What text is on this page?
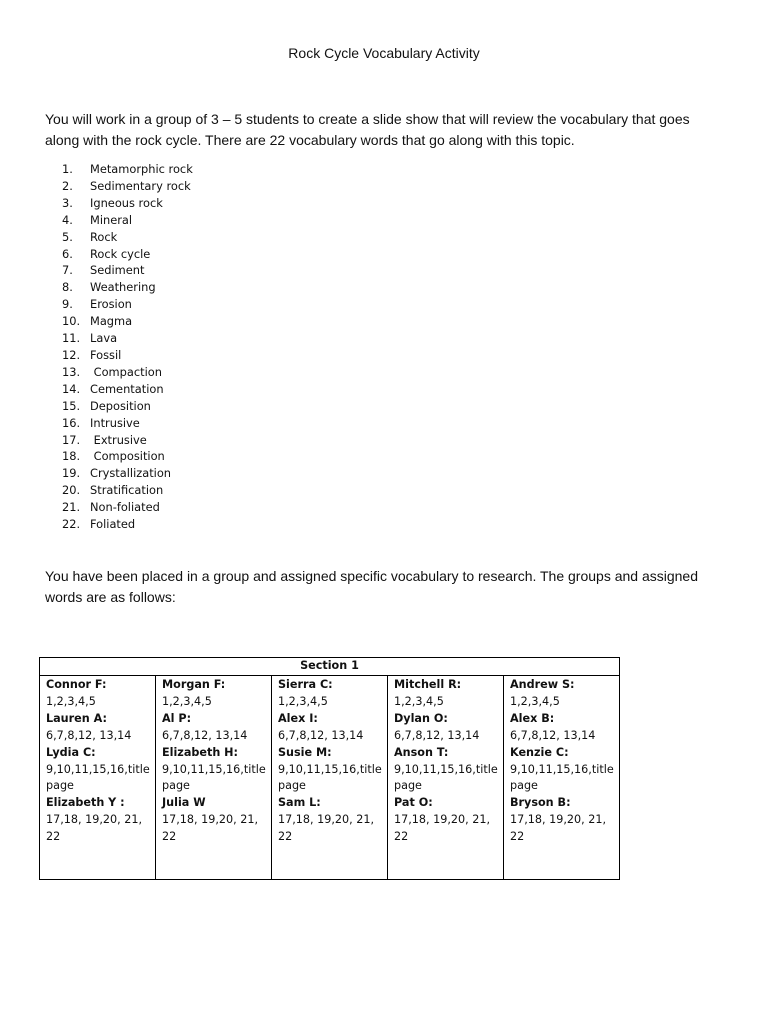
Rock Cycle Vocabulary Activity

You will work in a group of 3 – 5 students to create a slide show that will review the vocabulary that goes along with the rock cycle. There are 22 vocabulary words that go along with this topic.

1. Metamorphic rock
2. Sedimentary rock
3. Igneous rock
4. Mineral
5. Rock
6. Rock cycle
7. Sediment
8. Weathering
9. Erosion
10. Magma
11. Lava
12. Fossil
13. Compaction
14. Cementation
15. Deposition
16. Intrusive
17. Extrusive
18. Composition
19. Crystallization
20. Stratification
21. Non-foliated
22. Foliated

You have been placed in a group and assigned specific vocabulary to research. The groups and assigned words are as follows:

Section 1

Connor F:
1,2,3,4,5
Lauren A:
6,7,8,12, 13,14
Lydia C:
9,10,11,15,16,title page
Elizabeth Y :
17,18, 19,20, 21, 22

Morgan F:
1,2,3,4,5
Al P:
6,7,8,12, 13,14
Elizabeth H:
9,10,11,15,16,title page
Julia W
17,18, 19,20, 21, 22

Sierra C:
1,2,3,4,5
Alex I:
6,7,8,12, 13,14
Susie M:
9,10,11,15,16,title page
Sam L:
17,18, 19,20, 21, 22

Mitchell R:
1,2,3,4,5
Dylan O:
6,7,8,12, 13,14
Anson T:
9,10,11,15,16,title page
Pat O:
17,18, 19,20, 21, 22

Andrew S:
1,2,3,4,5
Alex B:
6,7,8,12, 13,14
Kenzie C:
9,10,11,15,16,title page
Bryson B:
17,18, 19,20, 21, 22
